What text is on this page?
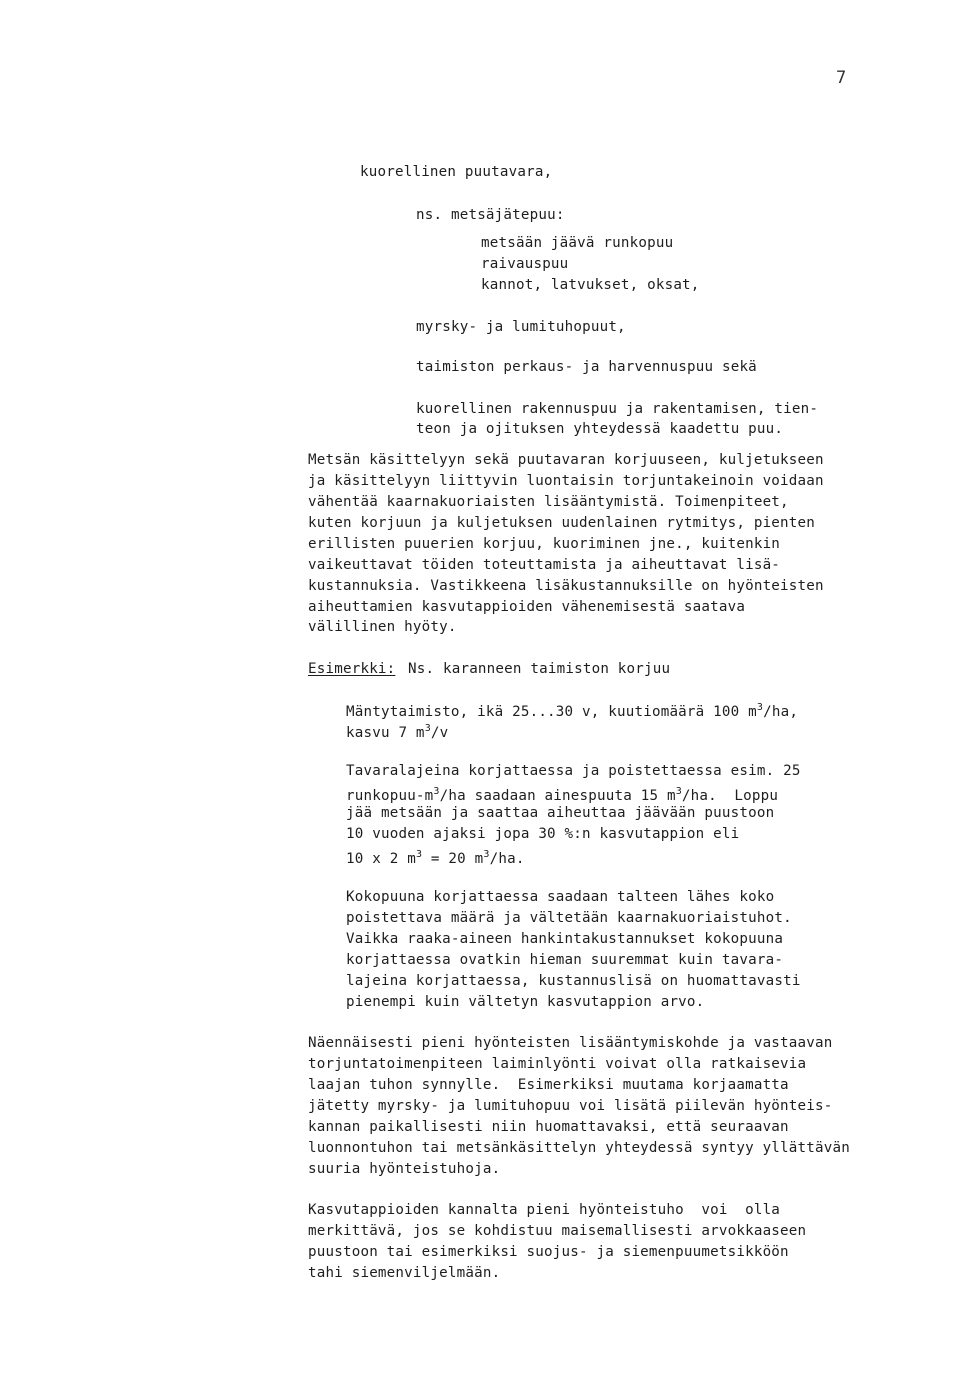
7
kuorellinen puutavara,
ns. metsäjätepuu:
metsään jäävä runkopuu
raivauspuu
kannot, latvukset, oksat,
myrsky- ja lumituhopuut,
taimiston perkaus- ja harvennuspuu sekä
kuorellinen rakennuspuu ja rakentamisen, tien-
teon ja ojituksen yhteydessä kaadettu puu.
Metsän käsittelyyn sekä puutavaran korjuuseen, kuljetukseen
ja käsittelyyn liittyvin luontaisin torjuntakeinoin voidaan
vähentää kaarnakuoriaisten lisääntymistä. Toimenpiteet,
kuten korjuun ja kuljetuksen uudenlainen rytmitys, pienten
erillisten puuerien korjuu, kuoriminen jne., kuitenkin
vaikeuttavat töiden toteuttamista ja aiheuttavat lisä-
kustannuksia. Vastikkeena lisäkustannuksille on hyönteisten
aiheuttamien kasvutappioiden vähenemisestä saatava
välillinen hyöty.
Esimerkki: Ns. karanneen taimiston korjuu
Mäntytaimisto, ikä 25...30 v, kuutiomäärä 100 $m^3/ha$,
kasvu 7 $m^3/v$
Tavaralajeina korjattaessa ja poistettaessa esim. 25
runkopuu-$m^3/ha$ saadaan ainespuuta 15 $m^3/ha$.  Loppu
jää metsään ja saattaa aiheuttaa jäävään puustoon
10 vuoden ajaksi jopa 30 %:n kasvutappion eli
10 x 2 $m^3 = 20$ $m^3/ha$.
Kokopuuna korjattaessa saadaan talteen lähes koko
poistettava määrä ja vältetään kaarnakuoriaistuhot.
Vaikka raaka-aineen hankintakustannukset kokopuuna
korjattaessa ovatkin hieman suuremmat kuin tavara-
lajeina korjattaessa, kustannuslisä on huomattavasti
pienempi kuin vältetyn kasvutappion arvo.
Näennäisesti pieni hyönteisten lisääntymiskohde ja vastaavan
torjuntatoimenpiteen laiminlyönti voivat olla ratkaisevia
laajan tuhon synnylle.  Esimerkiksi muutama korjaamatta
jätetty myrsky- ja lumituhopuu voi lisätä piilevän hyönteis-
kannan paikallisesti niin huomattavaksi, että seuraavan
luonnontuhon tai metsänkäsittelyn yhteydessä syntyy yllättävän
suuria hyönteistuhoja.
Kasvutappioiden kannalta pieni hyönteistuho  voi  olla
merkittävä, jos se kohdistuu maisemallisesti arvokkaaseen
puustoon tai esimerkiksi suojus- ja siemenpuumetsikköön
tahi siemenviljelmään.
